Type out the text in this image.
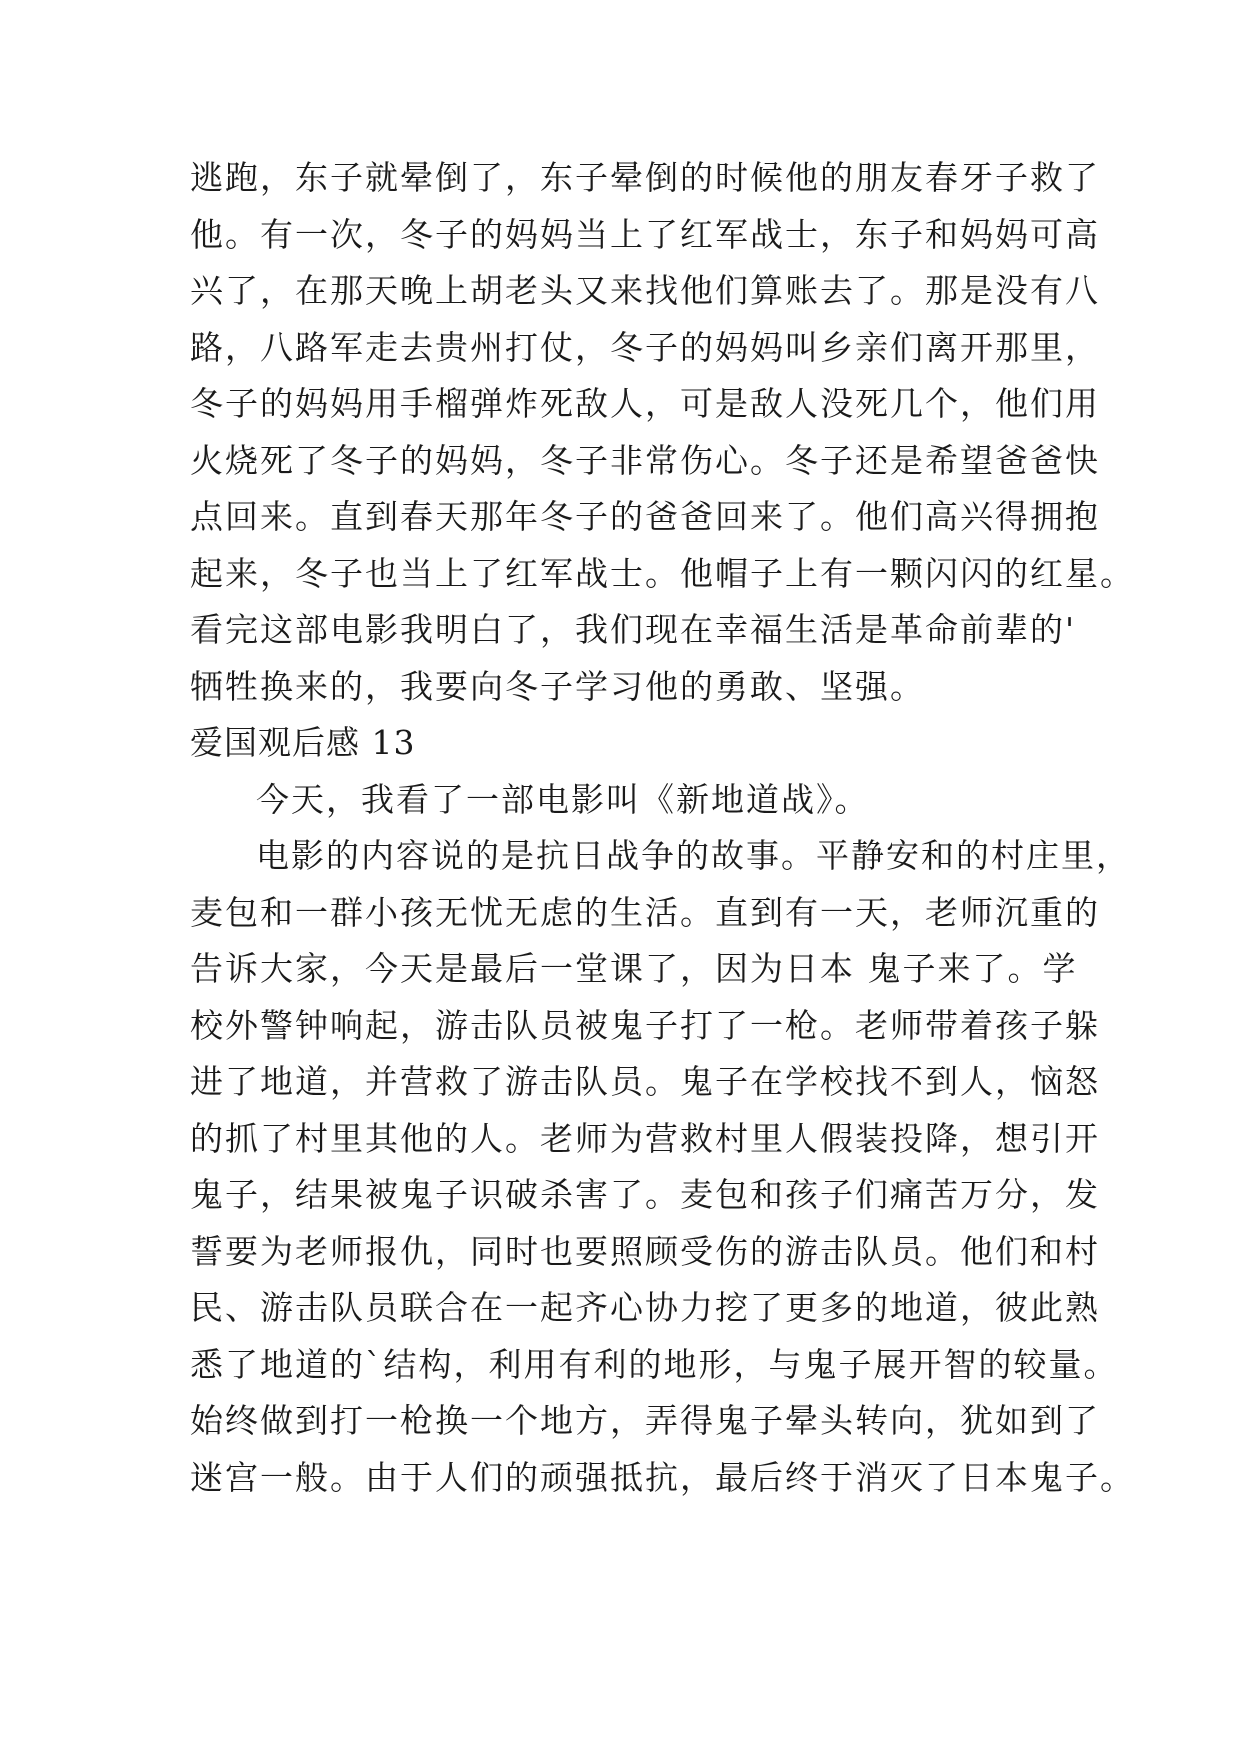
逃跑，东子就晕倒了，东子晕倒的时候他的朋友春牙子救了
他。有一次，冬子的妈妈当上了红军战士，东子和妈妈可高
兴了，在那天晚上胡老头又来找他们算账去了。那是没有八
路，八路军走去贵州打仗，冬子的妈妈叫乡亲们离开那里，
冬子的妈妈用手榴弹炸死敌人，可是敌人没死几个，他们用
火烧死了冬子的妈妈，冬子非常伤心。冬子还是希望爸爸快
点回来。直到春天那年冬子的爸爸回来了。他们高兴得拥抱
起来，冬子也当上了红军战士。他帽子上有一颗闪闪的红星。
看完这部电影我明白了，我们现在幸福生活是革命前辈的'
牺牲换来的，我要向冬子学习他的勇敢、坚强。
爱国观后感 13
今天，我看了一部电影叫《新地道战》。
电影的内容说的是抗日战争的故事。平静安和的村庄里，
麦包和一群小孩无忧无虑的生活。直到有一天，老师沉重的
告诉大家，今天是最后一堂课了，因为日本 鬼子来了。学
校外警钟响起，游击队员被鬼子打了一枪。老师带着孩子躲
进了地道，并营救了游击队员。鬼子在学校找不到人，恼怒
的抓了村里其他的人。老师为营救村里人假装投降，想引开
鬼子，结果被鬼子识破杀害了。麦包和孩子们痛苦万分，发
誓要为老师报仇，同时也要照顾受伤的游击队员。他们和村
民、游击队员联合在一起齐心协力挖了更多的地道，彼此熟
悉了地道的`结构，利用有利的地形，与鬼子展开智的较量。
始终做到打一枪换一个地方，弄得鬼子晕头转向，犹如到了
迷宫一般。由于人们的顽强抵抗，最后终于消灭了日本鬼子。
